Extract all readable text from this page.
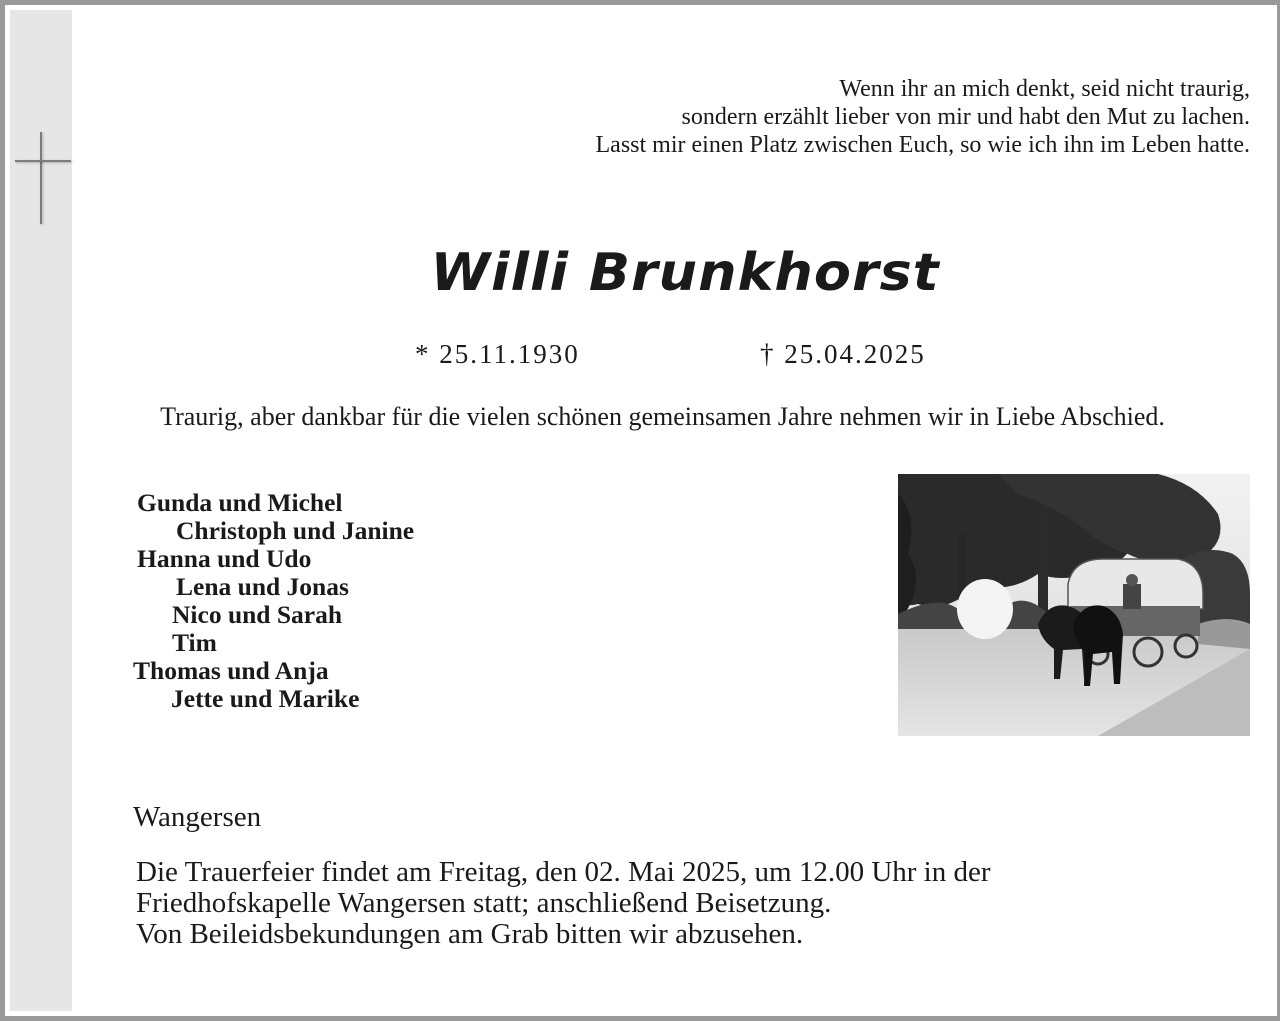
Wenn ihr an mich denkt, seid nicht traurig,
sondern erzählt lieber von mir und habt den Mut zu lachen.
Lasst mir einen Platz zwischen Euch, so wie ich ihn im Leben hatte.
Willi Brunkhorst
* 25.11.1930	† 25.04.2025
Traurig, aber dankbar für die vielen schönen gemeinsamen Jahre nehmen wir in Liebe Abschied.
Gunda und Michel
Christoph und Janine
Hanna und Udo
Lena und Jonas
Nico und Sarah
Tim
Thomas und Anja
Jette und Marike
Wangersen
Die Trauerfeier findet am Freitag, den 02. Mai 2025, um 12.00 Uhr in der
Friedhofskapelle Wangersen statt; anschließend Beisetzung.
Von Beileidsbekundungen am Grab bitten wir abzusehen.
